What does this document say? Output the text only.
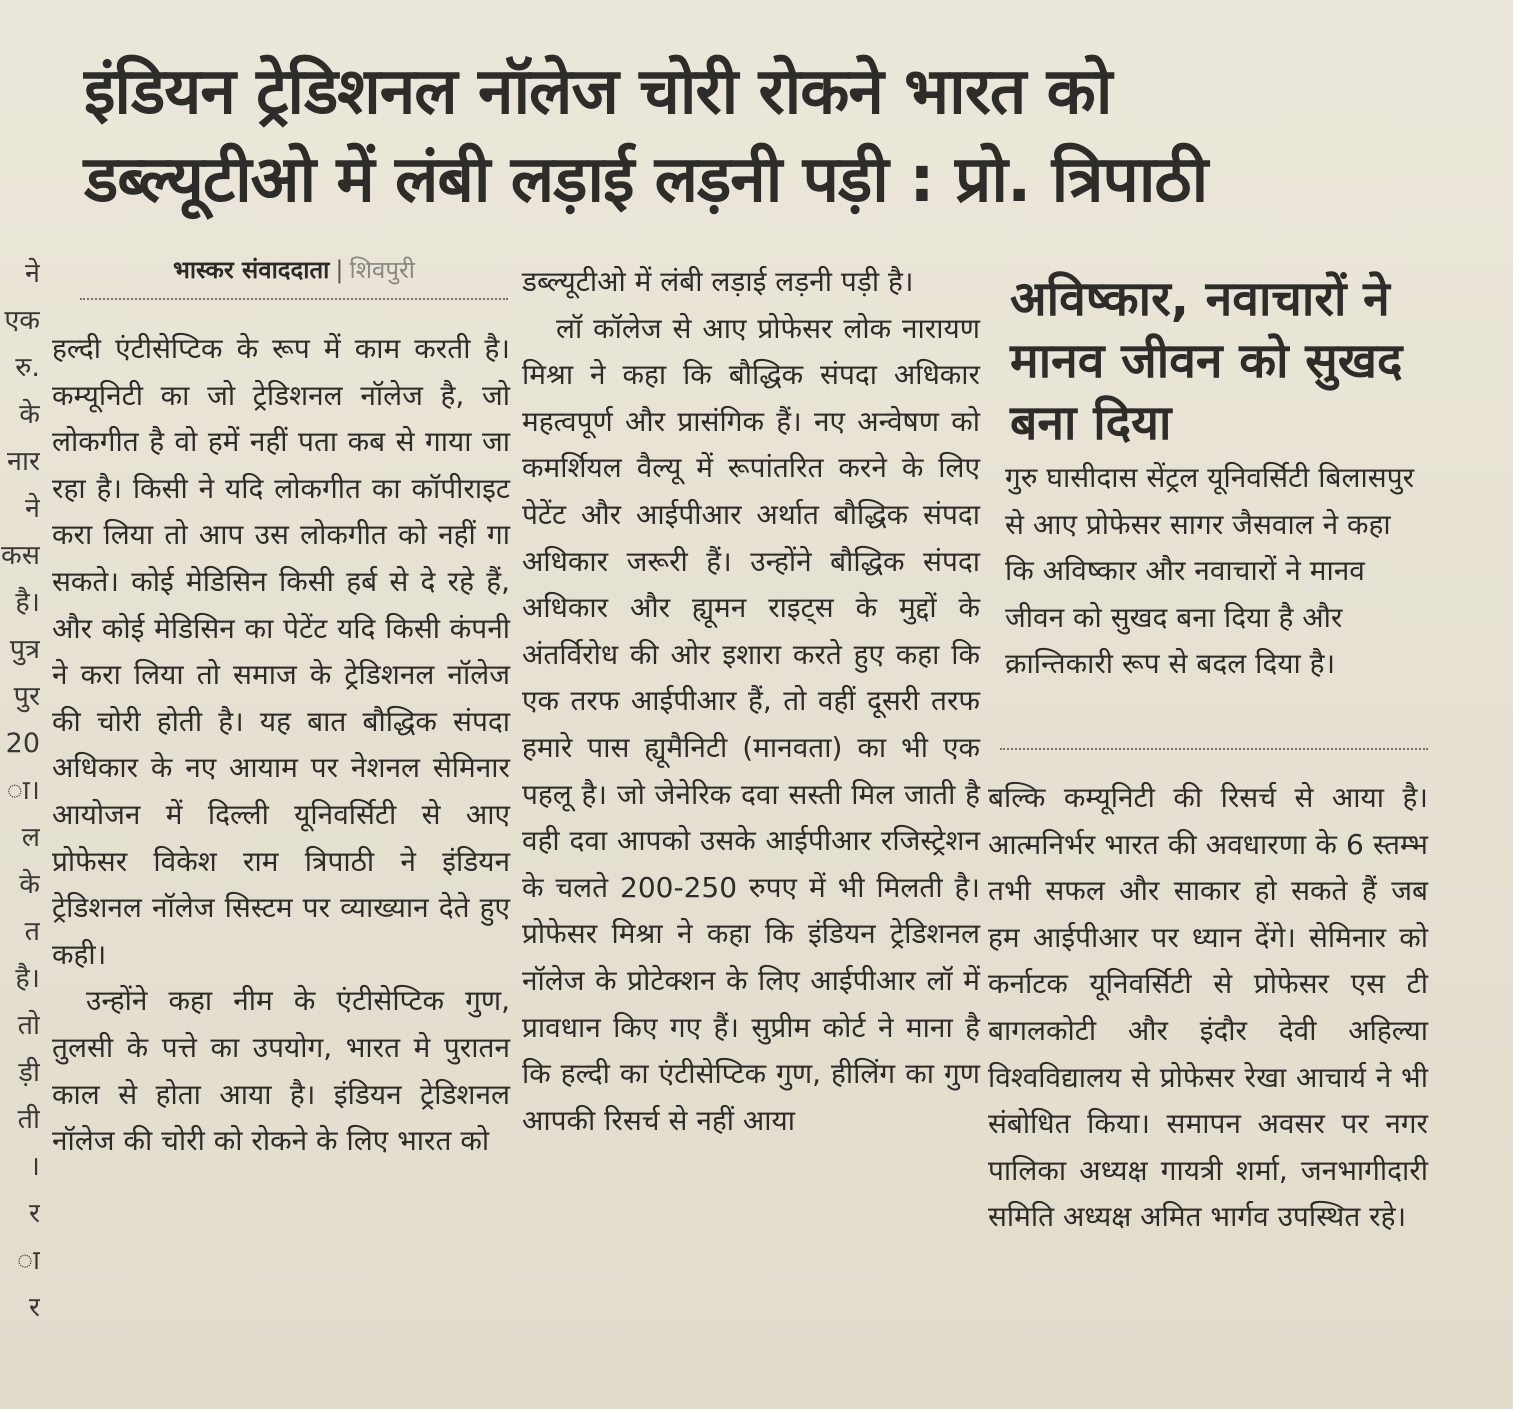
ने
एक
रु.
के
नार
ने
कस
है।
पुत्र
पुर
20
ा।
ल
के
त
है।
तो
ड़ी
ती
।
र
ा
र
इंडियन ट्रेडिशनल नॉलेज चोरी रोकने भारत को
डब्ल्यूटीओ में लंबी लड़ाई लड़नी पड़ी : प्रो. त्रिपाठी
भास्कर संवाददाता | शिवपुरी

हल्दी एंटीसेप्टिक के रूप में काम करती है। कम्यूनिटी का जो ट्रेडिशनल नॉलेज है, जो लोकगीत है वो हमें नहीं पता कब से गाया जा रहा है। किसी ने यदि लोकगीत का कॉपीराइट करा लिया तो आप उस लोकगीत को नहीं गा सकते। कोई मेडिसिन किसी हर्ब से दे रहे हैं, और कोई मेडिसिन का पेटेंट यदि किसी कंपनी ने करा लिया तो समाज के ट्रेडिशनल नॉलेज की चोरी होती है। यह बात बौद्धिक संपदा अधिकार के नए आयाम पर नेशनल सेमिनार आयोजन में दिल्ली यूनिवर्सिटी से आए प्रोफेसर विकेश राम त्रिपाठी ने इंडियन ट्रेडिशनल नॉलेज सिस्टम पर व्याख्यान देते हुए कही।

उन्होंने कहा नीम के एंटीसेप्टिक गुण, तुलसी के पत्ते का उपयोग, भारत मे पुरातन काल से होता आया है। इंडियन ट्रेडिशनल नॉलेज की चोरी को रोकने के लिए भारत को

डब्ल्यूटीओ में लंबी लड़ाई लड़नी पड़ी है।

लॉ कॉलेज से आए प्रोफेसर लोक नारायण मिश्रा ने कहा कि बौद्धिक संपदा अधिकार महत्वपूर्ण और प्रासंगिक हैं। नए अन्वेषण को कमर्शियल वैल्यू में रूपांतरित करने के लिए पेटेंट और आईपीआर अर्थात बौद्धिक संपदा अधिकार जरूरी हैं। उन्होंने बौद्धिक संपदा अधिकार और ह्यूमन राइट्स के मुद्दों के अंतर्विरोध की ओर इशारा करते हुए कहा कि एक तरफ आईपीआर हैं, तो वहीं दूसरी तरफ हमारे पास ह्यूमैनिटी (मानवता) का भी एक पहलू है। जो जेनेरिक दवा सस्ती मिल जाती है वही दवा आपको उसके आईपीआर रजिस्ट्रेशन के चलते 200-250 रुपए में भी मिलती है। प्रोफेसर मिश्रा ने कहा कि इंडियन ट्रेडिशनल नॉलेज के प्रोटेक्शन के लिए आईपीआर लॉ में प्रावधान किए गए हैं। सुप्रीम कोर्ट ने माना है कि हल्दी का एंटीसेप्टिक गुण, हीलिंग का गुण आपकी रिसर्च से नहीं आया

अविष्कार, नवाचारों ने मानव जीवन को सुखद बना दिया

गुरु घासीदास सेंट्रल यूनिवर्सिटी बिलासपुर से आए प्रोफेसर सागर जैसवाल ने कहा कि अविष्कार और नवाचारों ने मानव जीवन को सुखद बना दिया है और क्रान्तिकारी रूप से बदल दिया है।

बल्कि कम्यूनिटी की रिसर्च से आया है। आत्मनिर्भर भारत की अवधारणा के 6 स्तम्भ तभी सफल और साकार हो सकते हैं जब हम आईपीआर पर ध्यान देंगे। सेमिनार को कर्नाटक यूनिवर्सिटी से प्रोफेसर एस टी बागलकोटी और इंदौर देवी अहिल्या विश्वविद्यालय से प्रोफेसर रेखा आचार्य ने भी संबोधित किया। समापन अवसर पर नगर पालिका अध्यक्ष गायत्री शर्मा, जनभागीदारी समिति अध्यक्ष अमित भार्गव उपस्थित रहे।
